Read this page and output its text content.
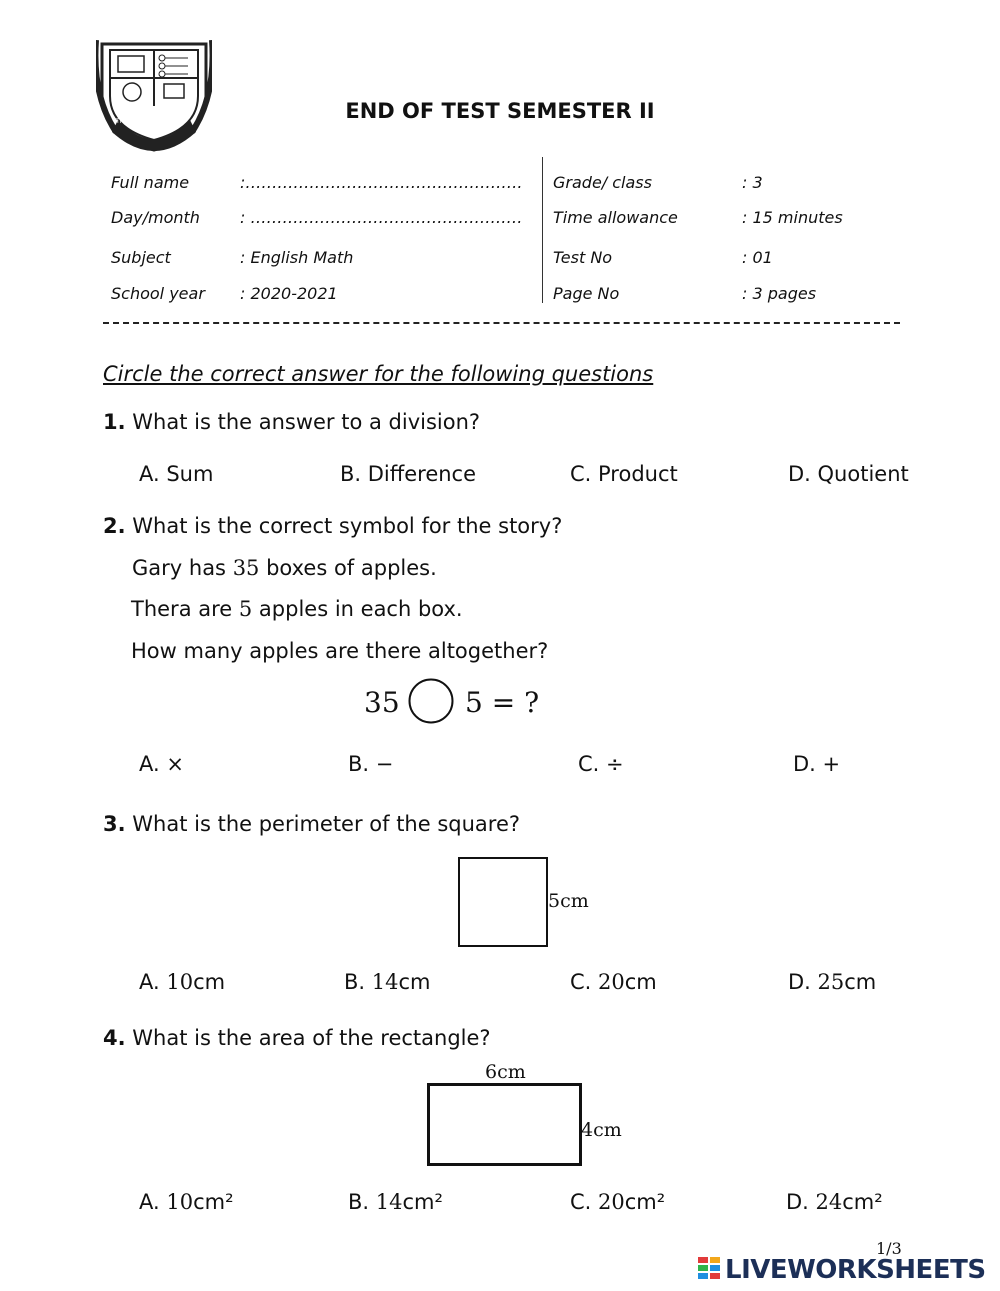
THE OLYMPIA SCHOOLS	END OF TEST SEMESTER II
Full name	:…………………………………………….
Day/month	: ……………………………………………
Subject	: English Math
School year : 2020-2021
Grade/ class	: 3
Time allowance	: 15 minutes
Test No	: 01
Page No	: 3 pages
Circle the correct answer for the following questions
1. What is the answer to a division?
A. Sum	B. Difference	C. Product	D. Quotient
2. What is the correct symbol for the story?
Gary has 35 boxes of apples.
Thera are 5 apples in each box.
How many apples are there altogether?
35 5 = ?
A. ×	B. −	C. ÷	D. +
3. What is the perimeter of the square?
5cm
A. 10cm	B. 14cm	C. 20cm	D. 25cm
4. What is the area of the rectangle?
6cm
4cm
A. 10cm²	B. 14cm²	C. 20cm²	D. 24cm²
1/3
LIVEWORKSHEETS
